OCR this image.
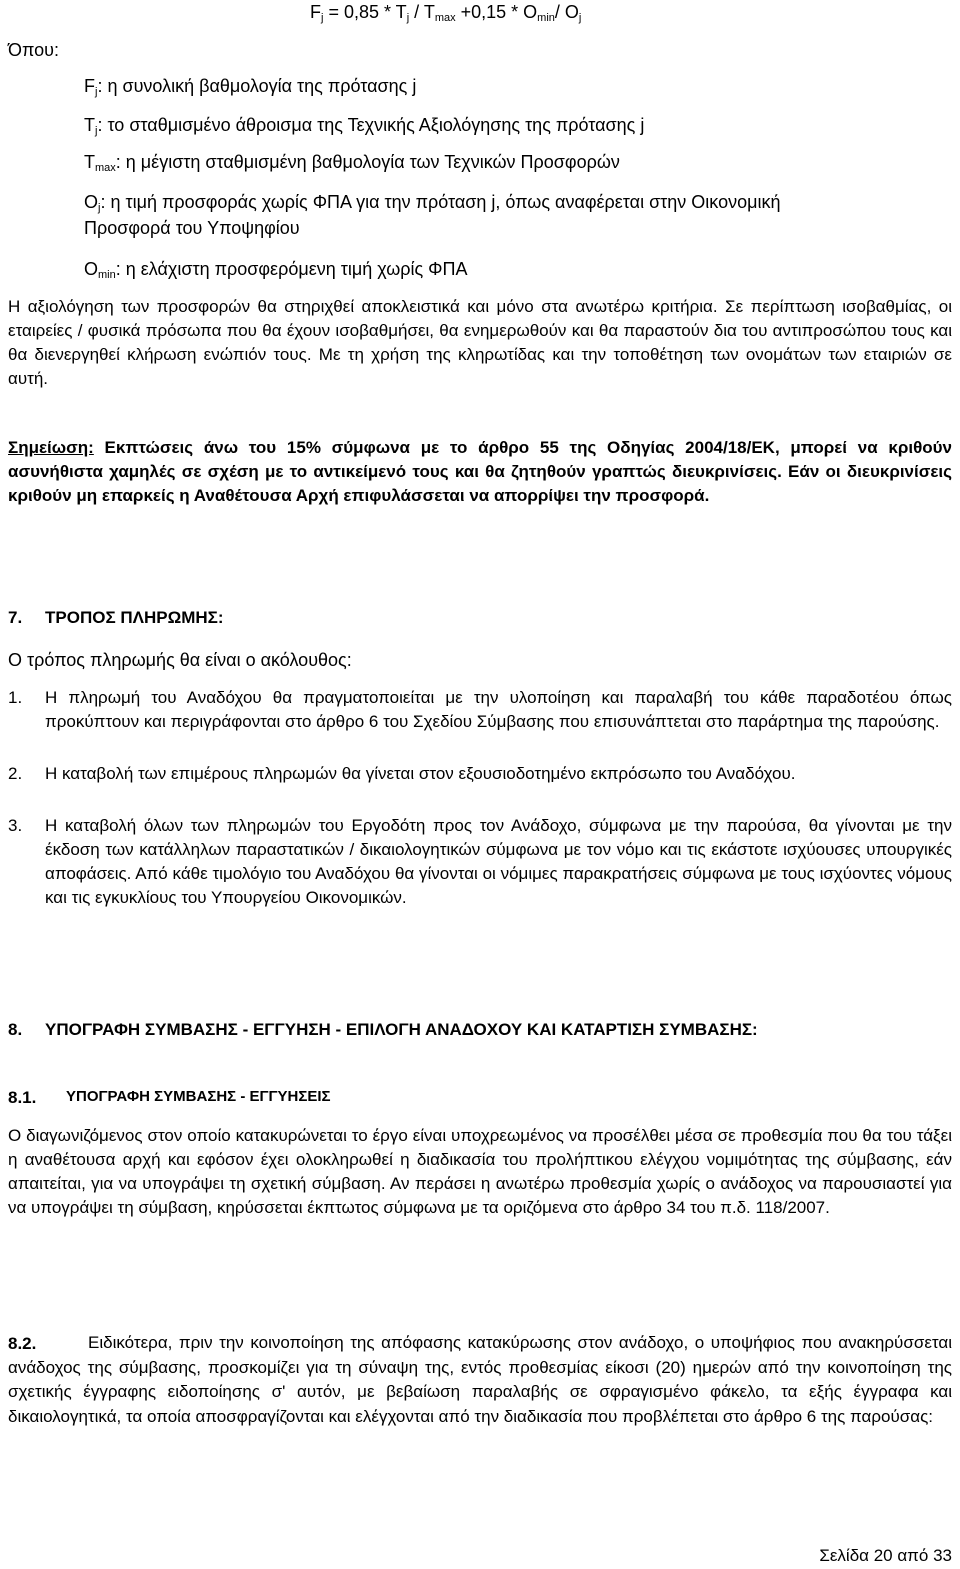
$F_j = 0,85 * T_j / T_{max} +0,15 * O_{min}/$ $O_j$
Όπου:
$F_j$: η συνολική βαθμολογία της πρότασης j
$T_j$: το σταθμισμένο άθροισμα της Τεχνικής Αξιολόγησης της πρότασης j
$T_{max}$: η μέγιστη σταθμισμένη βαθμολογία των Τεχνικών Προσφορών
$O_j$: η τιμή προσφοράς χωρίς ΦΠΑ για την πρόταση j, όπως αναφέρεται στην Οικονομική
Προσφορά του Υποψηφίου
$O_{min}$: η ελάχιστη προσφερόμενη τιμή χωρίς ΦΠΑ
Η αξιολόγηση των προσφορών θα στηριχθεί αποκλειστικά και μόνο στα ανωτέρω κριτήρια. Σε περίπτωση ισοβαθμίας, οι εταιρείες / φυσικά πρόσωπα που θα έχουν ισοβαθμήσει, θα ενημερωθούν και θα παραστούν δια του αντιπροσώπου τους και θα διενεργηθεί κλήρωση ενώπιόν τους. Με τη χρήση της κληρωτίδας και την τοποθέτηση των ονομάτων των εταιριών σε αυτή.
Σημείωση: Εκπτώσεις άνω του 15% σύμφωνα με το άρθρο 55 της Οδηγίας 2004/18/ΕΚ, μπορεί να κριθούν ασυνήθιστα χαμηλές σε σχέση με το αντικείμενό τους και θα ζητηθούν γραπτώς διευκρινίσεις. Εάν οι διευκρινίσεις κριθούν μη επαρκείς η Αναθέτουσα Αρχή επιφυλάσσεται να απορρίψει την προσφορά.
7. ΤΡΟΠΟΣ ΠΛΗΡΩΜΗΣ:
Ο τρόπος πληρωμής θα είναι ο ακόλουθος:
1. Η πληρωμή του Αναδόχου θα πραγματοποιείται με την υλοποίηση και παραλαβή του κάθε παραδοτέου όπως προκύπτουν και περιγράφονται στο άρθρο 6 του Σχεδίου Σύμβασης που επισυνάπτεται στο παράρτημα της παρούσης.
2. Η καταβολή των επιμέρους πληρωμών θα γίνεται στον εξουσιοδοτημένο εκπρόσωπο του Αναδόχου.
3. Η καταβολή όλων των πληρωμών του Εργοδότη προς τον Ανάδοχο, σύμφωνα με την παρούσα, θα γίνονται με την έκδοση των κατάλληλων παραστατικών / δικαιολογητικών σύμφωνα με τον νόμο και τις εκάστοτε ισχύουσες υπουργικές αποφάσεις. Από κάθε τιμολόγιο του Αναδόχου θα γίνονται οι νόμιμες παρακρατήσεις σύμφωνα με τους ισχύοντες νόμους και τις εγκυκλίους του Υπουργείου Οικονομικών.
8. ΥΠΟΓΡΑΦΗ ΣΥΜΒΑΣΗΣ - ΕΓΓΥΗΣΗ - ΕΠΙΛΟΓΗ ΑΝΑΔΟΧΟΥ ΚΑΙ ΚΑΤΑΡΤΙΣΗ ΣΥΜΒΑΣΗΣ:
8.1. ΥΠΟΓΡΑΦΗ ΣΥΜΒΑΣΗΣ - ΕΓΓΥΗΣΕΙΣ
Ο διαγωνιζόμενος στον οποίο κατακυρώνεται το έργο είναι υποχρεωμένος να προσέλθει μέσα σε προθεσμία που θα του τάξει η αναθέτουσα αρχή και εφόσον έχει ολοκληρωθεί η διαδικασία του προλήπτικου ελέγχου νομιμότητας της σύμβασης, εάν απαιτείται, για να υπογράψει τη σχετική σύμβαση. Αν περάσει η ανωτέρω προθεσμία χωρίς ο ανάδοχος να παρουσιαστεί για να υπογράψει τη σύμβαση, κηρύσσεται έκπτωτος σύμφωνα με τα οριζόμενα στο άρθρο 34 του π.δ. 118/2007.
8.2.	Ειδικότερα, πριν την κοινοποίηση της απόφασης κατακύρωσης στον ανάδοχο, ο υποψήφιος που ανακηρύσσεται ανάδοχος της σύμβασης, προσκομίζει για τη σύναψη της, εντός προθεσμίας είκοσι (20) ημερών από την κοινοποίηση της σχετικής έγγραφης ειδοποίησης σ' αυτόν, με βεβαίωση παραλαβής σε σφραγισμένο φάκελο, τα εξής έγγραφα και δικαιολογητικά, τα οποία αποσφραγίζονται και ελέγχονται από την διαδικασία που προβλέπεται στο άρθρο 6 της παρούσας:
Σελίδα 20 από 33
